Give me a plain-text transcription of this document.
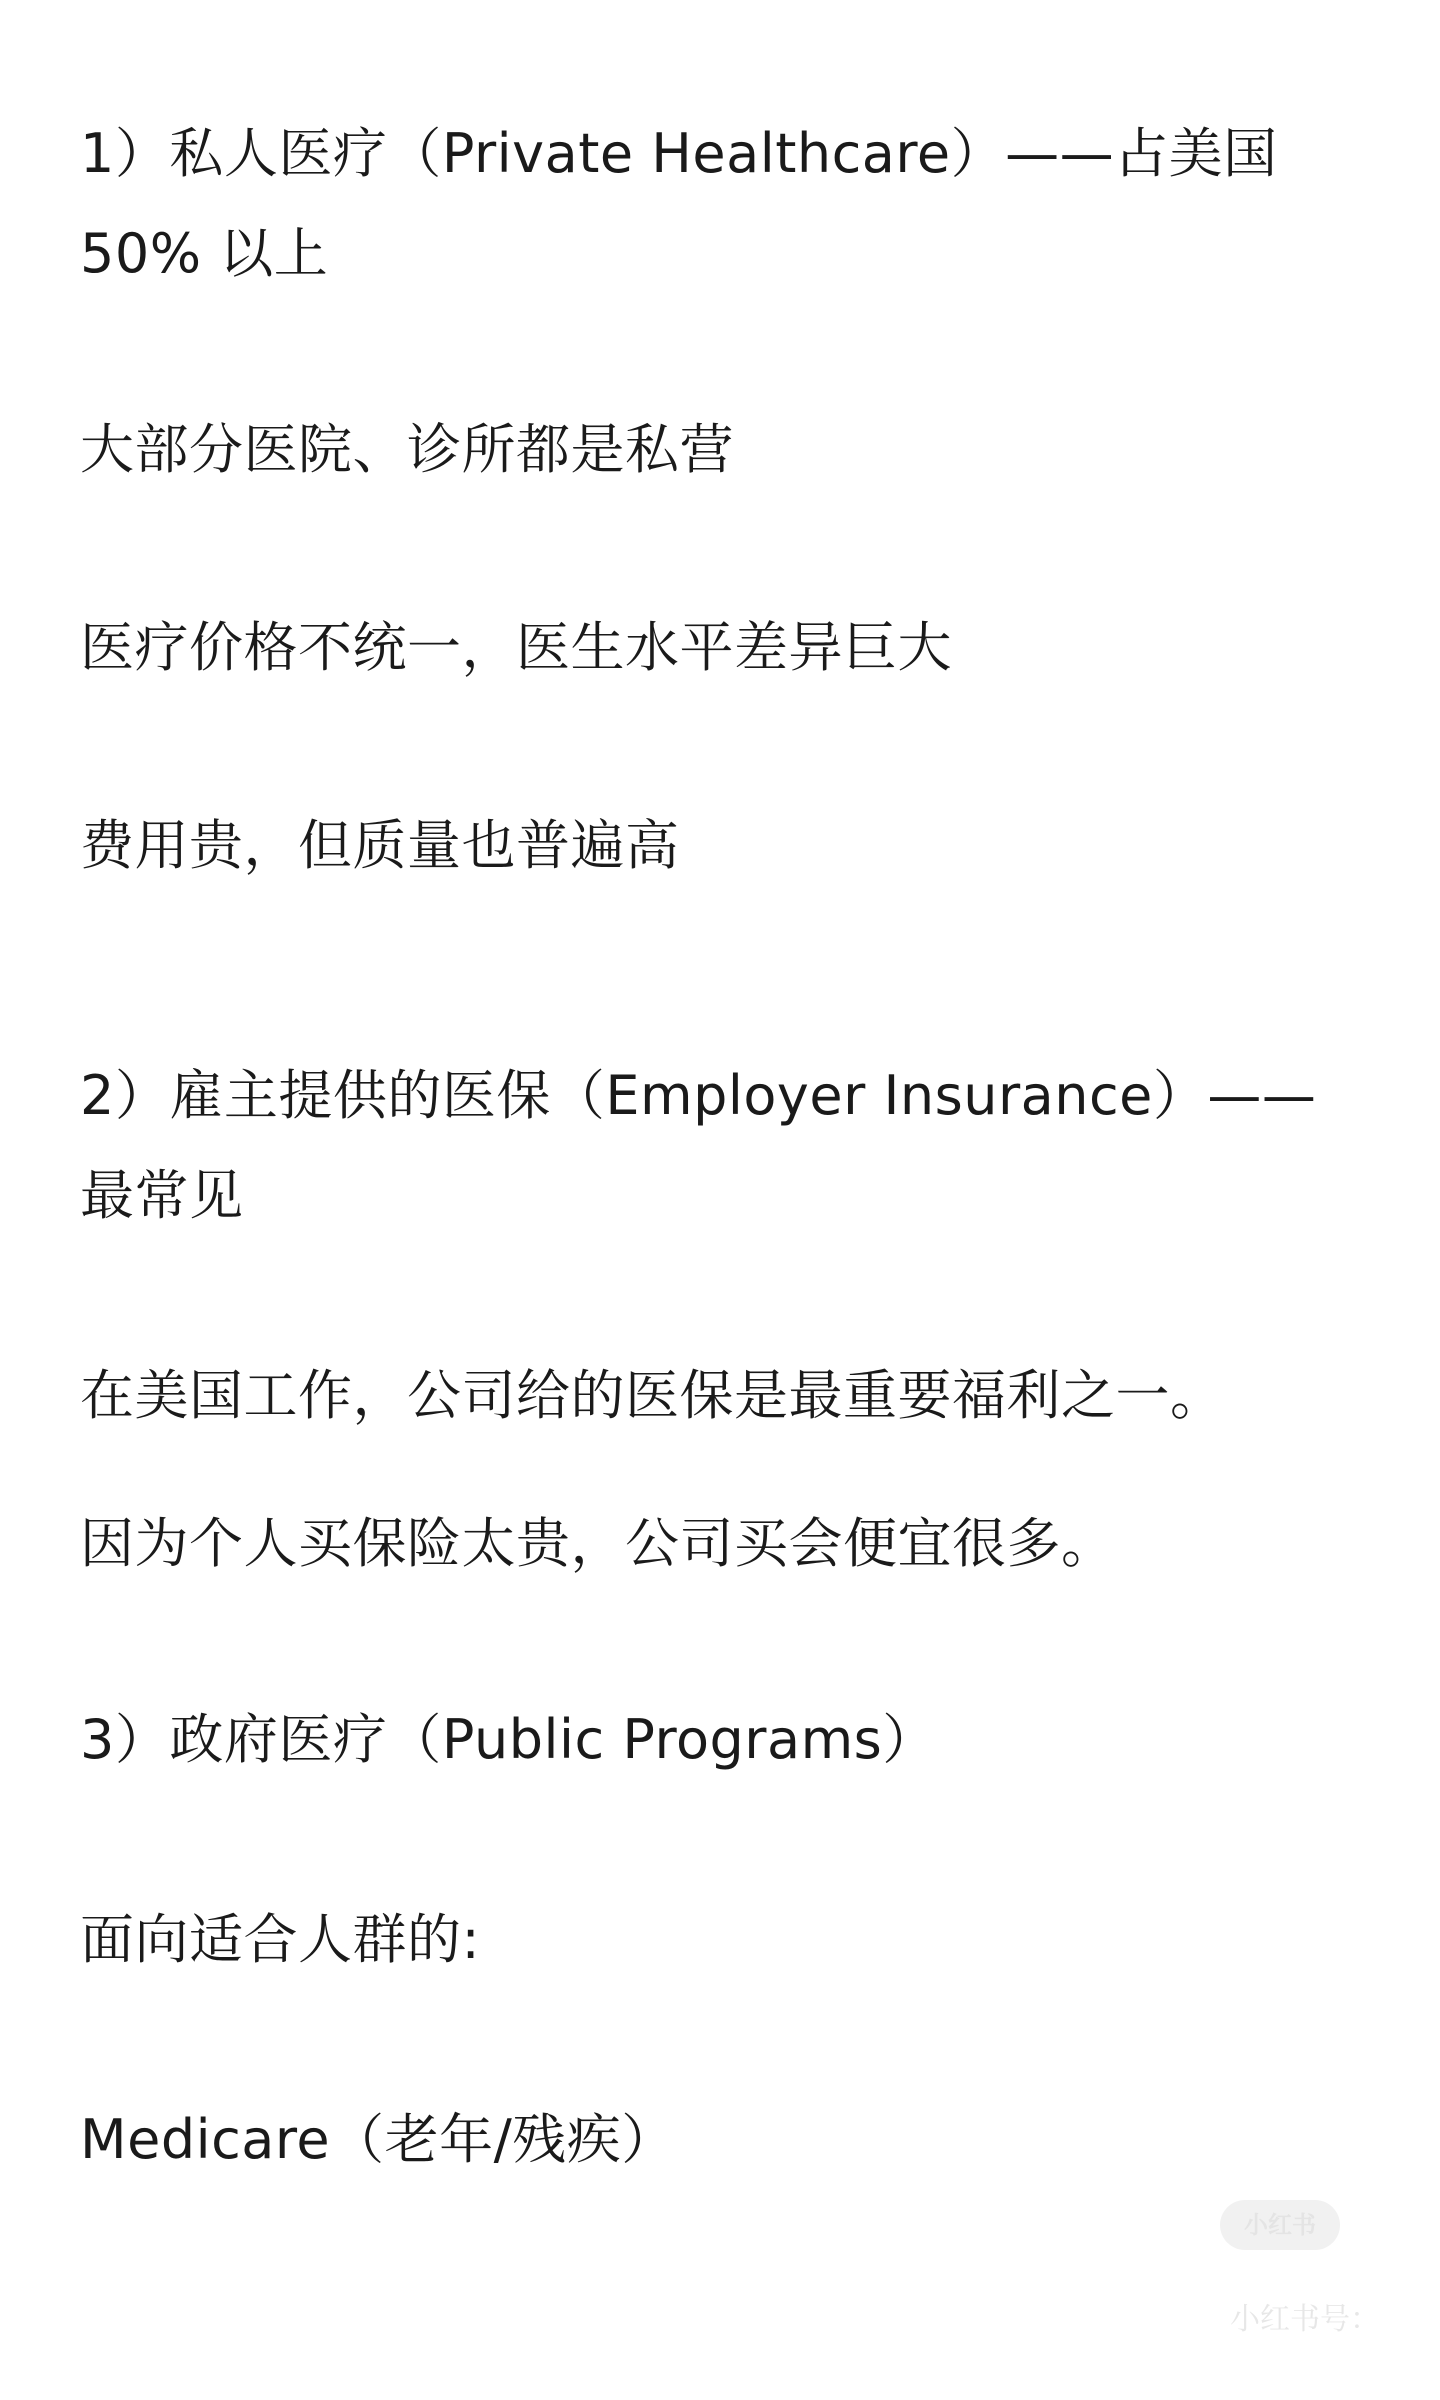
1）私人医疗（Private Healthcare）——占美国
50% 以上
大部分医院、诊所都是私营
医疗价格不统一，医生水平差异巨大
费用贵，但质量也普遍高
2）雇主提供的医保（Employer Insurance）——
最常见
在美国工作，公司给的医保是最重要福利之一。
因为个人买保险太贵，公司买会便宜很多。
3）政府医疗（Public Programs）
面向适合人群的:
Medicare（老年/残疾）
小红书
小红书号：
